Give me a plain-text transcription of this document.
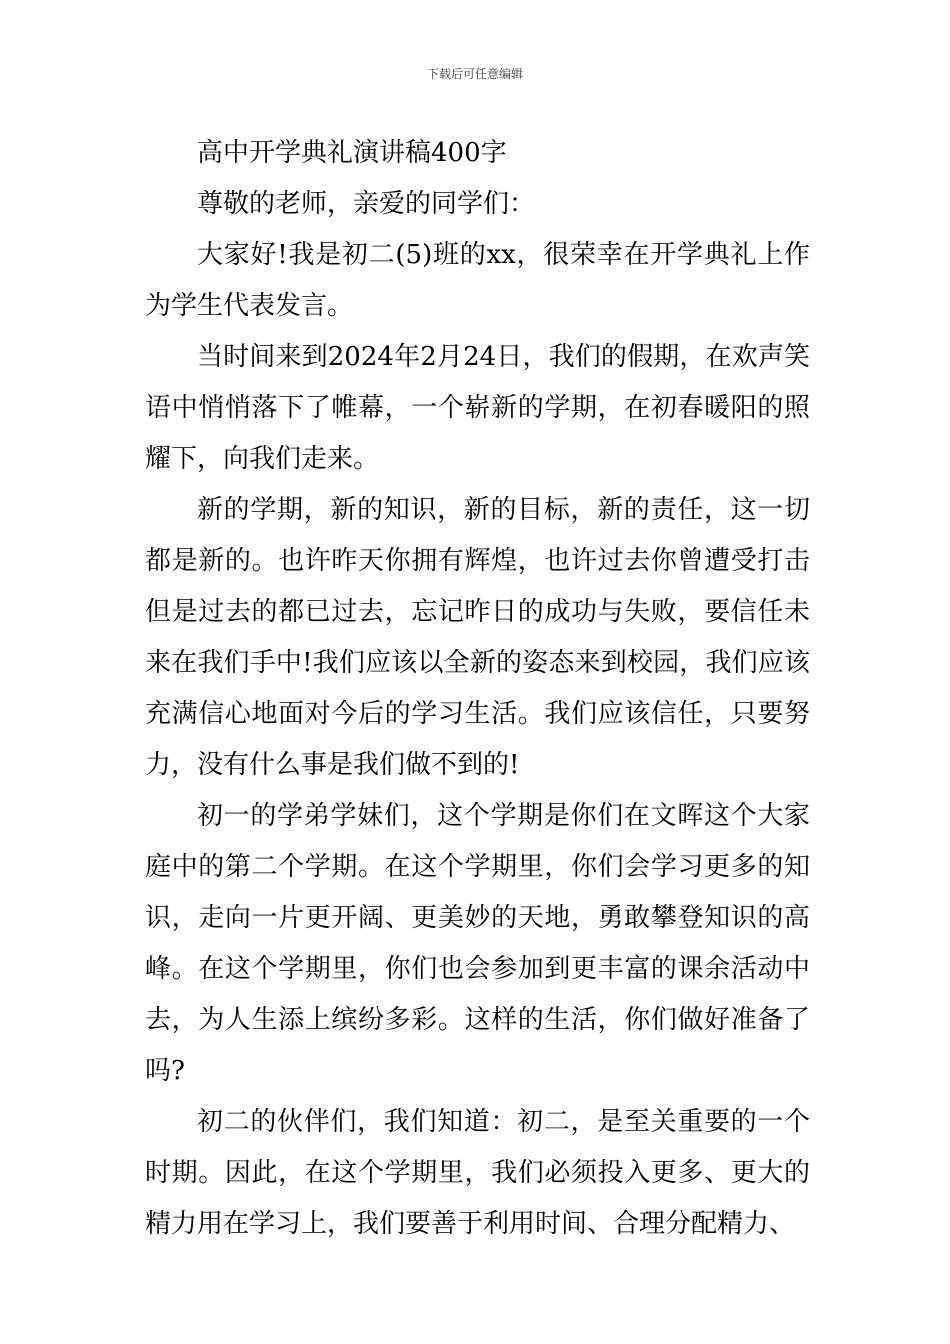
下载后可任意编辑

高中开学典礼演讲稿400字

尊敬的老师，亲爱的同学们：

大家好!我是初二(5)班的xx，很荣幸在开学典礼上作为学生代表发言。

当时间来到2024年2月24日，我们的假期，在欢声笑语中悄悄落下了帷幕，一个崭新的学期，在初春暖阳的照耀下，向我们走来。

新的学期，新的知识，新的目标，新的责任，这一切都是新的。也许昨天你拥有辉煌，也许过去你曾遭受打击但是过去的都已过去，忘记昨日的成功与失败，要信任未来在我们手中!我们应该以全新的姿态来到校园，我们应该充满信心地面对今后的学习生活。我们应该信任，只要努力，没有什么事是我们做不到的!

初一的学弟学妹们，这个学期是你们在文晖这个大家庭中的第二个学期。在这个学期里，你们会学习更多的知识，走向一片更开阔、更美妙的天地，勇敢攀登知识的高峰。在这个学期里，你们也会参加到更丰富的课余活动中去，为人生添上缤纷多彩。这样的生活，你们做好准备了吗?

初二的伙伴们，我们知道：初二，是至关重要的一个时期。因此，在这个学期里，我们必须投入更多、更大的精力用在学习上，我们要善于利用时间、合理分配精力、
